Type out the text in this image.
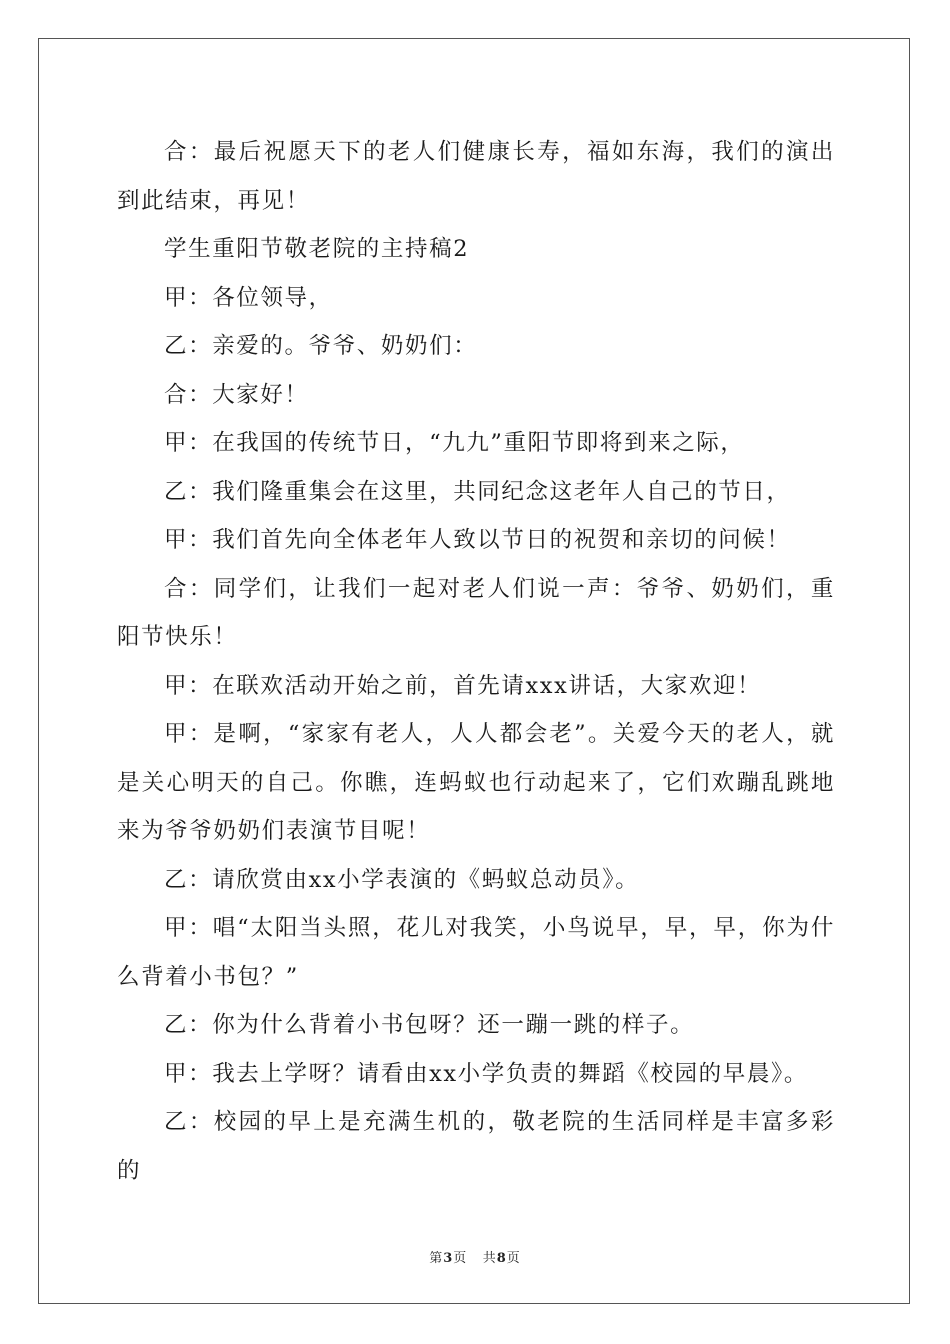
合：最后祝愿天下的老人们健康长寿，福如东海，我们的演出到此结束，再见！

学生重阳节敬老院的主持稿2

甲：各位领导，

乙：亲爱的。爷爷、奶奶们：

合：大家好！

甲：在我国的传统节日，“九九”重阳节即将到来之际，

乙：我们隆重集会在这里，共同纪念这老年人自己的节日，

甲：我们首先向全体老年人致以节日的祝贺和亲切的问候！

合：同学们，让我们一起对老人们说一声：爷爷、奶奶们，重阳节快乐！

甲：在联欢活动开始之前，首先请xxx讲话，大家欢迎！

甲：是啊，“家家有老人，人人都会老”。关爱今天的老人，就是关心明天的自己。你瞧，连蚂蚁也行动起来了，它们欢蹦乱跳地来为爷爷奶奶们表演节目呢！

乙：请欣赏由xx小学表演的《蚂蚁总动员》。

甲：唱“太阳当头照，花儿对我笑，小鸟说早，早，早，你为什么背着小书包？”

乙：你为什么背着小书包呀？还一蹦一跳的样子。

甲：我去上学呀？请看由xx小学负责的舞蹈《校园的早晨》。

乙：校园的早上是充满生机的，敬老院的生活同样是丰富多彩的

第3页 共8页
